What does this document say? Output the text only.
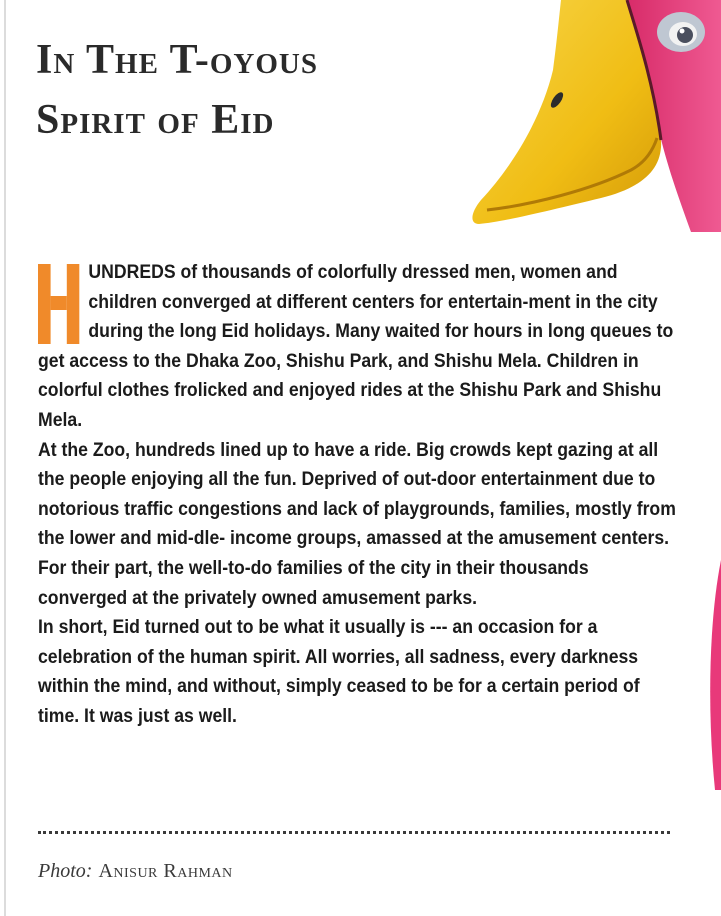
In The T-oyous
Spirit of Eid

UNDREDS of thousands of colorfully dressed men, women and children converged at different centers for entertain-ment in the city during the long Eid holidays. Many waited for hours in long queues to get access to the Dhaka Zoo, Shishu Park, and Shishu Mela. Children in colorful clothes frolicked and enjoyed rides at the Shishu Park and Shishu Mela.

At the Zoo, hundreds lined up to have a ride. Big crowds kept gazing at all the people enjoying all the fun. Deprived of out-door entertainment due to notorious traffic congestions and lack of playgrounds, families, mostly from the lower and mid-dle- income groups, amassed at the amusement centers. For their part, the well-to-do families of the city in their thousands converged at the privately owned amusement parks.

In short, Eid turned out to be what it usually is --- an occasion for a celebration of the human spirit. All worries, all sadness, every darkness within the mind, and without, simply ceased to be for a certain period of time. It was just as well.

Photo: Anisur Rahman
